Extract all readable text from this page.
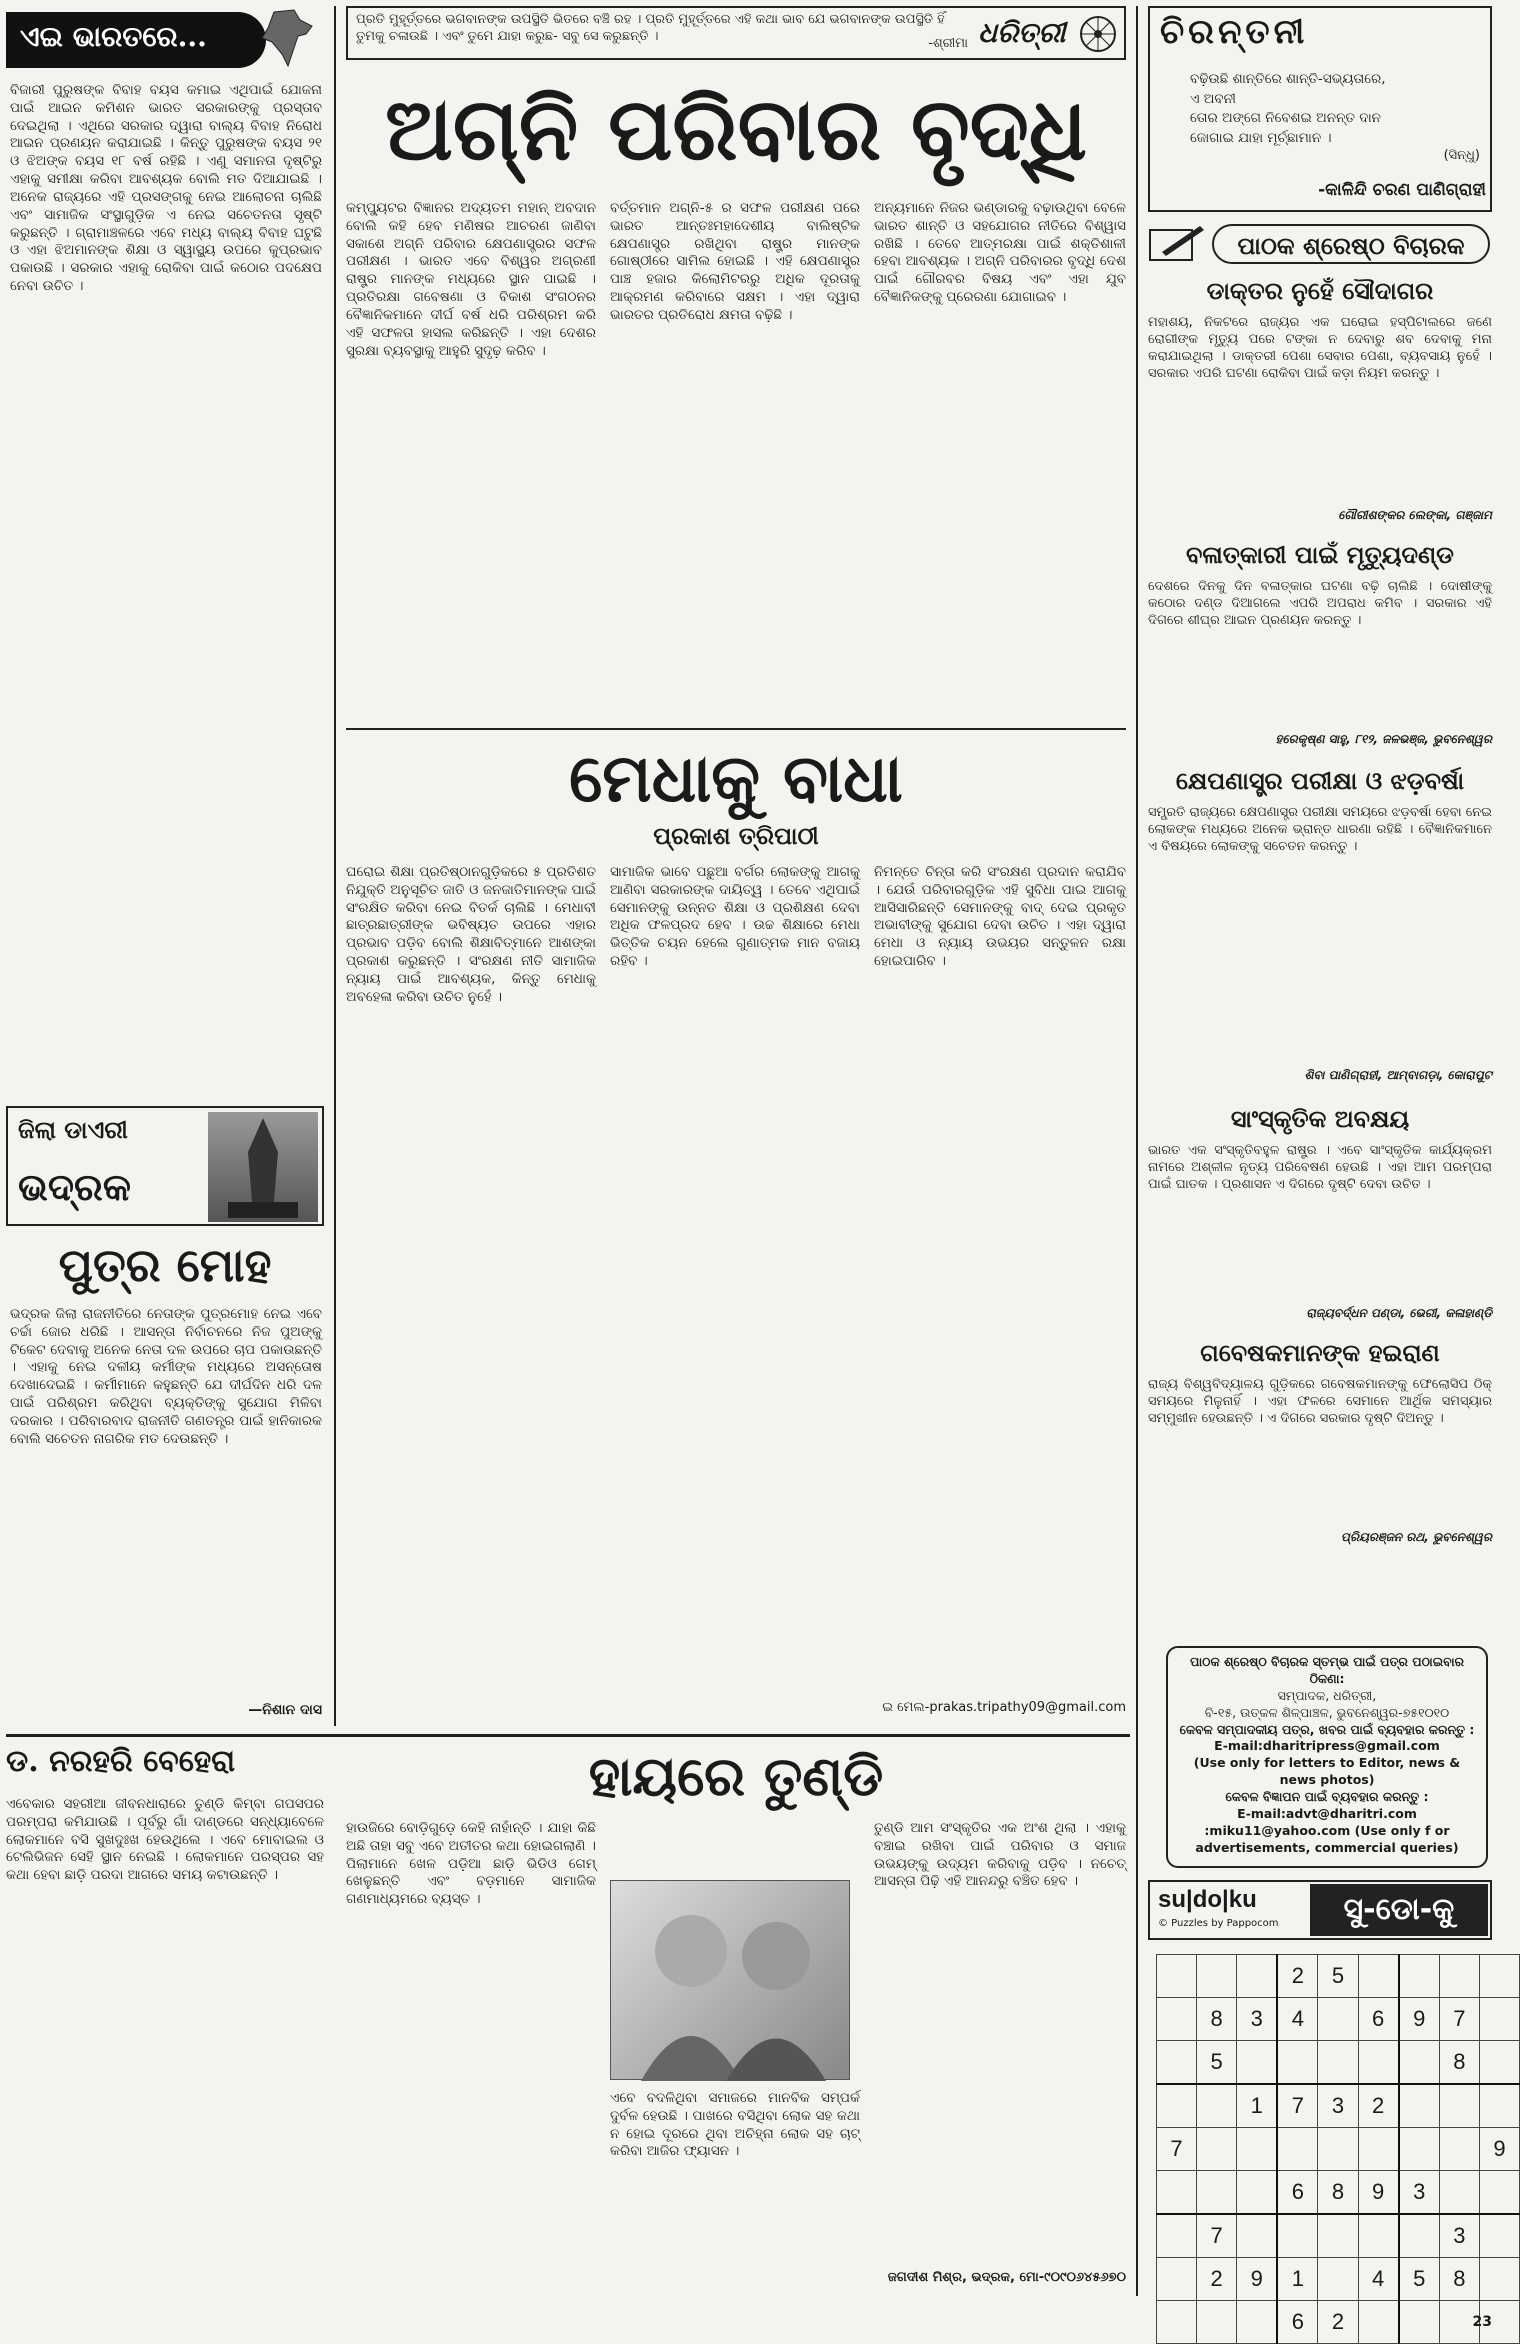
ଏଇ ଭାରତରେ...
ବିଜାରୀ ପୁରୁଷଙ୍କ ବିବାହ ବୟସ କମାଇ ଏଥିପାଇଁ ଯୋଜନା ପାଇଁ ଆଇନ କମିଶନ ଭାରତ ସରକାରଙ୍କୁ ପ୍ରସ୍ତାବ ଦେଇଥିଲା । ଏଥିରେ ସରକାର ଦ୍ୱାରା ବାଲ୍ୟ ବିବାହ ନିରୋଧ ଆଇନ ପ୍ରଣୟନ କରାଯାଇଛି । କିନ୍ତୁ ପୁରୁଷଙ୍କ ବୟସ ୨୧ ଓ ଝିଅଙ୍କ ବୟସ ୧୮ ବର୍ଷ ରହିଛି । ଏଣୁ ସମାନତା ଦୃଷ୍ଟିରୁ ଏହାକୁ ସମୀକ୍ଷା କରିବା ଆବଶ୍ୟକ ବୋଲି ମତ ଦିଆଯାଇଛି । ଅନେକ ରାଜ୍ୟରେ ଏହି ପ୍ରସଙ୍ଗକୁ ନେଇ ଆଲୋଚନା ଚାଲିଛି ଏବଂ ସାମାଜିକ ସଂସ୍ଥାଗୁଡ଼ିକ ଏ ନେଇ ସଚେତନତା ସୃଷ୍ଟି କରୁଛନ୍ତି । ଗ୍ରାମାଞ୍ଚଳରେ ଏବେ ମଧ୍ୟ ବାଲ୍ୟ ବିବାହ ଘଟୁଛି ଓ ଏହା ଝିଅମାନଙ୍କ ଶିକ୍ଷା ଓ ସ୍ୱାସ୍ଥ୍ୟ ଉପରେ କୁପ୍ରଭାବ ପକାଉଛି । ସରକାର ଏହାକୁ ରୋକିବା ପାଇଁ କଠୋର ପଦକ୍ଷେପ ନେବା ଉଚିତ ।
ଜିଲା ଡାଏରୀ
ଭଦ୍ରକ
ପୁତ୍ର ମୋହ
ଭଦ୍ରକ ଜିଲା ରାଜନୀତିରେ ନେତାଙ୍କ ପୁତ୍ରମୋହ ନେଇ ଏବେ ଚର୍ଚ୍ଚା ଜୋର ଧରିଛି । ଆସନ୍ତା ନିର୍ବାଚନରେ ନିଜ ପୁଅଙ୍କୁ ଟିକେଟ ଦେବାକୁ ଅନେକ ନେତା ଦଳ ଉପରେ ଚାପ ପକାଉଛନ୍ତି । ଏହାକୁ ନେଇ ଦଳୀୟ କର୍ମୀଙ୍କ ମଧ୍ୟରେ ଅସନ୍ତୋଷ ଦେଖାଦେଇଛି । କର୍ମୀମାନେ କହୁଛନ୍ତି ଯେ ଦୀର୍ଘଦିନ ଧରି ଦଳ ପାଇଁ ପରିଶ୍ରମ କରିଥିବା ବ୍ୟକ୍ତିଙ୍କୁ ସୁଯୋଗ ମିଳିବା ଦରକାର । ପରିବାରବାଦ ରାଜନୀତି ଗଣତନ୍ତ୍ର ପାଇଁ ହାନିକାରକ ବୋଲି ସଚେତନ ନାଗରିକ ମତ ଦେଉଛନ୍ତି ।
—ନିଶାନ ଦାସ
ପ୍ରତି ମୁହୂର୍ତ୍ତରେ ଭଗବାନଙ୍କ ଉପସ୍ଥିତି ଭିତରେ ବଞ୍ଚି ରହ । ପ୍ରତି ମୁହୂର୍ତ୍ତରେ ଏହି କଥା ଭାବ ଯେ ଭଗବାନଙ୍କ ଉପସ୍ଥିତି ହିଁ ତୁମକୁ ଚଳାଉଛି । ଏବଂ ତୁମେ ଯାହା କରୁଛ- ସବୁ ସେ କରୁଛନ୍ତି ।	-ଶ୍ରୀମା ଧରିତ୍ରୀ
ଅଗ୍ନି ପରିବାର ବୃଦ୍ଧି
କମ୍ପ୍ୟୁଟର ବିଜ୍ଞାନର ଅଦ୍ୟତମ ମହାନ୍ ଅବଦାନ ବୋଲି କହି ହେବ ମଣିଷର ଆଚରଣ ଜାଣିବା ସକାଶେ ଅଗ୍ନି ପରିବାର କ୍ଷେପଣାସ୍ତ୍ରର ସଫଳ ପରୀକ୍ଷଣ । ଭାରତ ଏବେ ବିଶ୍ୱର ଅଗ୍ରଣୀ ରାଷ୍ଟ୍ର ମାନଙ୍କ ମଧ୍ୟରେ ସ୍ଥାନ ପାଇଛି । ପ୍ରତିରକ୍ଷା ଗବେଷଣା ଓ ବିକାଶ ସଂଗଠନର ବୈଜ୍ଞାନିକମାନେ ଦୀର୍ଘ ବର୍ଷ ଧରି ପରିଶ୍ରମ କରି ଏହି ସଫଳତା ହାସଲ କରିଛନ୍ତି । ଏହା ଦେଶର ସୁରକ୍ଷା ବ୍ୟବସ୍ଥାକୁ ଆହୁରି ସୁଦୃଢ଼ କରିବ ।
ବର୍ତ୍ତମାନ ଅଗ୍ନି-୫ ର ସଫଳ ପରୀକ୍ଷଣ ପରେ ଭାରତ ଆନ୍ତଃମହାଦେଶୀୟ ବାଲିଷ୍ଟିକ କ୍ଷେପଣାସ୍ତ୍ର ରଖିଥିବା ରାଷ୍ଟ୍ର ମାନଙ୍କ ଗୋଷ୍ଠୀରେ ସାମିଲ ହୋଇଛି । ଏହି କ୍ଷେପଣାସ୍ତ୍ର ପାଞ୍ଚ ହଜାର କିଲୋମିଟରରୁ ଅଧିକ ଦୂରତାକୁ ଆକ୍ରମଣ କରିବାରେ ସକ୍ଷମ । ଏହା ଦ୍ୱାରା ଭାରତର ପ୍ରତିରୋଧ କ୍ଷମତା ବଢ଼ିଛି ।
ଅନ୍ୟମାନେ ନିଜର ଭଣ୍ଡାରକୁ ବଢ଼ାଉଥିବା ବେଳେ ଭାରତ ଶାନ୍ତି ଓ ସହଯୋଗର ନୀତିରେ ବିଶ୍ୱାସ ରଖିଛି । ତେବେ ଆତ୍ମରକ୍ଷା ପାଇଁ ଶକ୍ତିଶାଳୀ ହେବା ଆବଶ୍ୟକ । ଅଗ୍ନି ପରିବାରର ବୃଦ୍ଧି ଦେଶ ପାଇଁ ଗୌରବର ବିଷୟ ଏବଂ ଏହା ଯୁବ ବୈଜ୍ଞାନିକଙ୍କୁ ପ୍ରେରଣା ଯୋଗାଇବ ।
ମେଧାକୁ ବାଧା
ପ୍ରକାଶ ତ୍ରିପାଠୀ
ଘରୋଇ ଶିକ୍ଷା ପ୍ରତିଷ୍ଠାନଗୁଡ଼ିକରେ ୫ ପ୍ରତିଶତ ନିଯୁକ୍ତି ଅନୁସୂଚିତ ଜାତି ଓ ଜନଜାତିମାନଙ୍କ ପାଇଁ ସଂରକ୍ଷିତ କରିବା ନେଇ ବିତର୍କ ଚାଲିଛି । ମେଧାବୀ ଛାତ୍ରଛାତ୍ରୀଙ୍କ ଭବିଷ୍ୟତ ଉପରେ ଏହାର ପ୍ରଭାବ ପଡ଼ିବ ବୋଲି ଶିକ୍ଷାବିତ୍ମାନେ ଆଶଙ୍କା ପ୍ରକାଶ କରୁଛନ୍ତି । ସଂରକ୍ଷଣ ନୀତି ସାମାଜିକ ନ୍ୟାୟ ପାଇଁ ଆବଶ୍ୟକ, କିନ୍ତୁ ମେଧାକୁ ଅବହେଳା କରିବା ଉଚିତ ନୁହେଁ ।
ସାମାଜିକ ଭାବେ ପଛୁଆ ବର୍ଗର ଲୋକଙ୍କୁ ଆଗକୁ ଆଣିବା ସରକାରଙ୍କ ଦାୟିତ୍ୱ । ତେବେ ଏଥିପାଇଁ ସେମାନଙ୍କୁ ଉନ୍ନତ ଶିକ୍ଷା ଓ ପ୍ରଶିକ୍ଷଣ ଦେବା ଅଧିକ ଫଳପ୍ରଦ ହେବ । ଉଚ୍ଚ ଶିକ୍ଷାରେ ମେଧା ଭିତ୍ତିକ ଚୟନ ହେଲେ ଗୁଣାତ୍ମକ ମାନ ବଜାୟ ରହିବ ।
ନିମନ୍ତେ ଚିନ୍ତା କରି ସଂରକ୍ଷଣ ପ୍ରଦାନ କରାଯିବ । ଯେଉଁ ପରିବାରଗୁଡ଼ିକ ଏହି ସୁବିଧା ପାଇ ଆଗକୁ ଆସିସାରିଛନ୍ତି ସେମାନଙ୍କୁ ବାଦ୍ ଦେଇ ପ୍ରକୃତ ଅଭାବୀଙ୍କୁ ସୁଯୋଗ ଦେବା ଉଚିତ । ଏହା ଦ୍ୱାରା ମେଧା ଓ ନ୍ୟାୟ ଉଭୟର ସନ୍ତୁଳନ ରକ୍ଷା ହୋଇପାରିବ ।
ଇ ମେଲ-prakas.tripathy09@gmail.com
ଡ. ନରହରି ବେହେରା
ଏବେକାର ସହରୀଆ ଜୀବନଧାରାରେ ତୁଣ୍ଡି କିମ୍ବା ଗପସପର ପରମ୍ପରା କମିଯାଉଛି । ପୂର୍ବରୁ ଗାଁ ଦାଣ୍ଡରେ ସନ୍ଧ୍ୟାବେଳେ ଲୋକମାନେ ବସି ସୁଖଦୁଃଖ ହେଉଥିଲେ । ଏବେ ମୋବାଇଲ ଓ ଟେଲିଭିଜନ ସେହି ସ୍ଥାନ ନେଇଛି । ଲୋକମାନେ ପରସ୍ପର ସହ କଥା ହେବା ଛାଡ଼ି ପରଦା ଆଗରେ ସମୟ କଟାଉଛନ୍ତି ।
ହାୟରେ ତୁଣ୍ଡି
ହାଉଜିରେ ବୋଡ଼ିଗୁଡ଼େ କେହି ନାହାଁନ୍ତି । ଯାହା କିଛି ଅଛି ତାହା ସବୁ ଏବେ ଅତୀତର କଥା ହୋଇଗଲାଣି । ପିଲାମାନେ ଖେଳ ପଡ଼ିଆ ଛାଡ଼ି ଭିଡିଓ ଗେମ୍ ଖେଳୁଛନ୍ତି ଏବଂ ବଡ଼ମାନେ ସାମାଜିକ ଗଣମାଧ୍ୟମରେ ବ୍ୟସ୍ତ ।
ଏବେ ବଦଳିଥିବା ସମାଜରେ ମାନବିକ ସମ୍ପର୍କ ଦୁର୍ବଳ ହେଉଛି । ପାଖରେ ବସିଥିବା ଲୋକ ସହ କଥା ନ ହୋଇ ଦୂରରେ ଥିବା ଅଚିହ୍ନା ଲୋକ ସହ ଚାଟ୍ କରିବା ଆଜିର ଫ୍ୟାସନ ।
ତୁଣ୍ଡି ଆମ ସଂସ୍କୃତିର ଏକ ଅଂଶ ଥିଲା । ଏହାକୁ ବଞ୍ଚାଇ ରଖିବା ପାଇଁ ପରିବାର ଓ ସମାଜ ଉଭୟଙ୍କୁ ଉଦ୍ୟମ କରିବାକୁ ପଡ଼ିବ । ନଚେତ୍ ଆସନ୍ତା ପିଢ଼ି ଏହି ଆନନ୍ଦରୁ ବଞ୍ଚିତ ହେବ ।
ଜଗଦୀଶ ମିଶ୍ର, ଭଦ୍ରକ, ମୋ-୯୦୯୦୬୪୫୬୭୦
ଚିରନ୍ତନୀ
ବଢ଼ିଉଛି ଶାନ୍ତିରେ ଶାନ୍ତି-ସଭ୍ୟତାରେ,
ଏ ଅବନୀ
ତୋର ଅଙ୍ଗେ ନିବେଶଇ ଅନନ୍ତ ଦାନ
ଜୋଗାଇ ଯାହା ମୂର୍ଚ୍ଛାମାନ ।
(ସିନ୍ଧୁ)
-କାଳିନ୍ଦି ଚରଣ ପାଣିଗ୍ରାହୀ
ପାଠକ ଶ୍ରେଷ୍ଠ ବିଚାରକ
ଡାକ୍ତର ନୁହେଁ ସୌଦାଗର
ମହାଶୟ, ନିକଟରେ ରାଜ୍ୟର ଏକ ଘରୋଇ ହସ୍ପିଟାଲରେ ଜଣେ ରୋଗୀଙ୍କ ମୃତ୍ୟୁ ପରେ ଟଙ୍କା ନ ଦେବାରୁ ଶବ ଦେବାକୁ ମନା କରାଯାଇଥିଲା । ଡାକ୍ତରୀ ପେଶା ସେବାର ପେଶା, ବ୍ୟବସାୟ ନୁହେଁ । ସରକାର ଏପରି ଘଟଣା ରୋକିବା ପାଇଁ କଡ଼ା ନିୟମ କରନ୍ତୁ ।
ଗୌରୀଶଙ୍କର ଲେଙ୍କା, ଗଞ୍ଜାମ
ବଳାତ୍କାରୀ ପାଇଁ ମୃତ୍ୟୁଦଣ୍ଡ
ଦେଶରେ ଦିନକୁ ଦିନ ବଳାତ୍କାର ଘଟଣା ବଢ଼ି ଚାଲିଛି । ଦୋଷୀଙ୍କୁ କଠୋର ଦଣ୍ଡ ଦିଆଗଲେ ଏପରି ଅପରାଧ କମିବ । ସରକାର ଏହି ଦିଗରେ ଶୀଘ୍ର ଆଇନ ପ୍ରଣୟନ କରନ୍ତୁ ।
ହରେକୃଷ୍ଣ ସାହୁ, ୮୧୨, ଜଳଭଞ୍ଜ, ଭୁବନେଶ୍ୱର
କ୍ଷେପଣାସ୍ତ୍ର ପରୀକ୍ଷା ଓ ଝଡ଼ବର୍ଷା
ସମ୍ପ୍ରତି ରାଜ୍ୟରେ କ୍ଷେପଣାସ୍ତ୍ର ପରୀକ୍ଷା ସମୟରେ ଝଡ଼ବର୍ଷା ହେବା ନେଇ ଲୋକଙ୍କ ମଧ୍ୟରେ ଅନେକ ଭ୍ରାନ୍ତ ଧାରଣା ରହିଛି । ବୈଜ୍ଞାନିକମାନେ ଏ ବିଷୟରେ ଲୋକଙ୍କୁ ସଚେତନ କରନ୍ତୁ ।
ଶିବା ପାଣିଗ୍ରାହୀ, ଆମ୍ବାଗଡ଼ା, କୋରାପୁଟ
ସାଂସ୍କୃତିକ ଅବକ୍ଷୟ
ଭାରତ ଏକ ସଂସ୍କୃତିବହୁଳ ରାଷ୍ଟ୍ର । ଏବେ ସାଂସ୍କୃତିକ କାର୍ଯ୍ୟକ୍ରମ ନାମରେ ଅଶ୍ଳୀଳ ନୃତ୍ୟ ପରିବେଷଣ ହେଉଛି । ଏହା ଆମ ପରମ୍ପରା ପାଇଁ ଘାତକ । ପ୍ରଶାସନ ଏ ଦିଗରେ ଦୃଷ୍ଟି ଦେବା ଉଚିତ ।
ରାଜ୍ୟବର୍ଦ୍ଧନ ପଣ୍ଡା, ଭେରୀ, କଳାହାଣ୍ଡି
ଗବେଷକମାନଙ୍କ ହଇରାଣ
ରାଜ୍ୟ ବିଶ୍ୱବିଦ୍ୟାଳୟ ଗୁଡ଼ିକରେ ଗବେଷକମାନଙ୍କୁ ଫେଲୋସିପ ଠିକ୍ ସମୟରେ ମିଳୁନାହିଁ । ଏହା ଫଳରେ ସେମାନେ ଆର୍ଥିକ ସମସ୍ୟାର ସମ୍ମୁଖୀନ ହେଉଛନ୍ତି । ଏ ଦିଗରେ ସରକାର ଦୃଷ୍ଟି ଦିଅନ୍ତୁ ।
ପ୍ରିୟରଞ୍ଜନ ରଥ, ଭୁବନେଶ୍ୱର
ପାଠକ ଶ୍ରେଷ୍ଠ ବିଚାରକ ସ୍ତମ୍ଭ ପାଇଁ ପତ୍ର ପଠାଇବାର ଠିକଣା:
ସମ୍ପାଦକ, ଧରିତ୍ରୀ,
ବି-୧୫, ଉତ୍କଳ ଶିଳ୍ପାଞ୍ଚଳ, ଭୁବନେଶ୍ୱର-୭୫୧୦୧୦
କେବଳ ସମ୍ପାଦକୀୟ ପତ୍ର, ଖବର ପାଇଁ ବ୍ୟବହାର କରନ୍ତୁ :
E-mail:dharitripress@gmail.com
(Use only for letters to Editor, news & news photos)
କେବଳ ବିଜ୍ଞାପନ ପାଇଁ ବ୍ୟବହାର କରନ୍ତୁ :
E-mail:advt@dharitri.com
:miku11@yahoo.com (Use only f or advertisements, commercial queries)
su|do|ku
© Puzzles by Pappocom	ସୁ-ଡୋ-କୁ
			2	5				
	8	3	4		6	9	7	
	5						8	
		1	7	3	2			
7								9
			6	8	9	3		
	7						3	
	2	9	1		4	5	8	
			6	2					23
